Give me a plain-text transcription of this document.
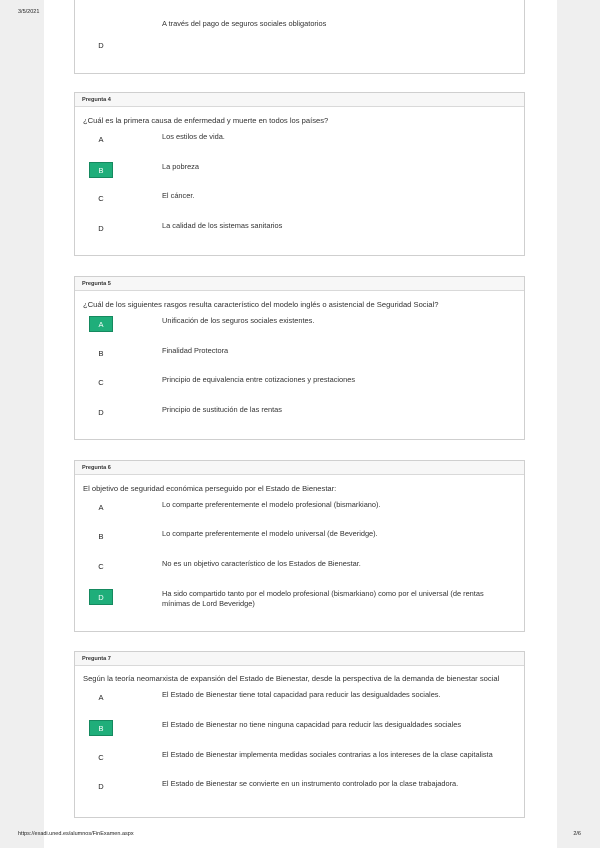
3/5/2021
A través del pago de seguros sociales obligatorios
D
Pregunta 4
¿Cuál es la primera causa de enfermedad y muerte en todos los países?
A	Los estilos de vida.
B	La pobreza
C	El cáncer.
D	La calidad de los sistemas sanitarios
Pregunta 5
¿Cuál de los siguientes rasgos resulta característico del modelo inglés o asistencial de Seguridad Social?
A	Unificación de los seguros sociales existentes.
B	Finalidad Protectora
C	Principio de equivalencia entre cotizaciones y prestaciones
D	Principio de sustitución de las rentas
Pregunta 6
El objetivo de seguridad económica perseguido por el Estado de Bienestar:
A	Lo comparte preferentemente el modelo profesional (bismarkiano).
B	Lo comparte preferentemente el modelo universal (de Beveridge).
C	No es un objetivo característico de los Estados de Bienestar.
D	Ha sido compartido tanto por el modelo profesional (bismarkiano) como por el universal (de rentas mínimas de Lord Beveridge)
Pregunta 7
Según la teoría neomarxista de expansión del Estado de Bienestar, desde la perspectiva de la demanda de bienestar social
A	El Estado de Bienestar tiene total capacidad para reducir las desigualdades sociales.
B	El Estado de Bienestar no tiene ninguna capacidad para reducir las desigualdades sociales
C	El Estado de Bienestar implementa medidas sociales contrarias a los intereses de la clase capitalista
D	El Estado de Bienestar se convierte en un instrumento controlado por la clase trabajadora.
https://exadi.uned.es/alumnos/FinExamen.aspx	2/6
